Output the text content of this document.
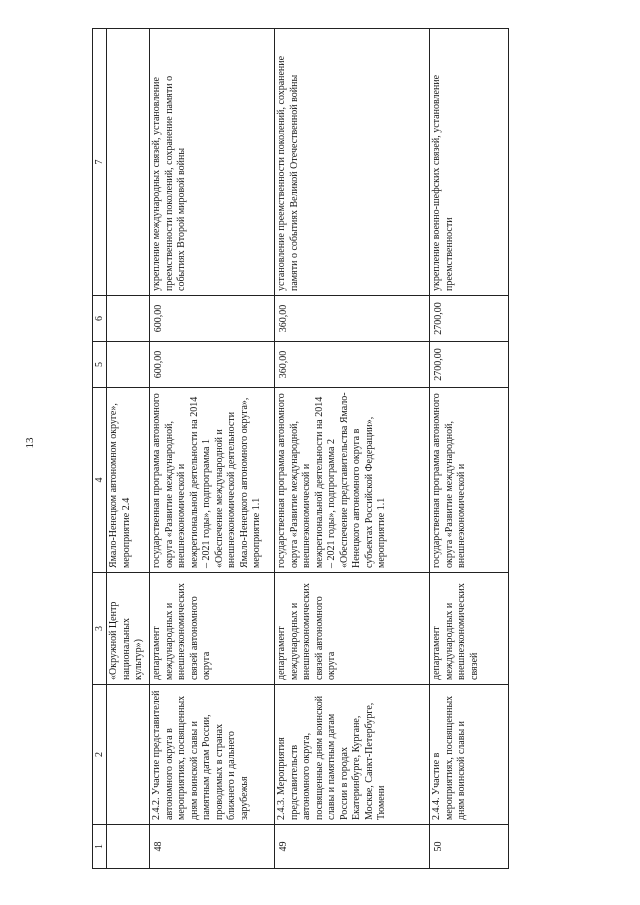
13
1	2	3	4	5	6	7
		«Окружной Центр национальных культур»)	Ямало-Ненецком автономном округе», мероприятие 2.4			
48	2.4.2. Участие представителей автономного округа в мероприятиях, посвященных дням воинской славы и памятным датам России, проводимых в странах ближнего и дальнего зарубежья	департамент международных и внешнеэкономических связей автономного округа	государственная программа автономного округа «Развитие международной, внешнеэкономической и межрегиональной деятельности на 2014 – 2021 годы», подпрограмма 1 «Обеспечение международной и внешнеэкономической деятельности Ямало-Ненецкого автономного округа», мероприятие 1.1	600,00	600,00	укрепление международных связей, установление преемственности поколений, сохранение памяти о событиях Второй мировой войны
49	2.4.3. Мероприятия представительств автономного округа, посвященные дням воинской славы и памятным датам России в городах Екатеринбурге, Кургане, Москве, Санкт-Петербурге, Тюмени	департамент международных и внешнеэкономических связей автономного округа	государственная программа автономного округа «Развитие международной, внешнеэкономической и межрегиональной деятельности на 2014 – 2021 годы», подпрограмма 2 «Обеспечение представительства Ямало-Ненецкого автономного округа в субъектах Российской Федерации», мероприятие 1.1	360,00	360,00	установление преемственности поколений, сохранение памяти о событиях Великой Отечественной войны
50	2.4.4. Участие в мероприятиях, посвященных дням воинской славы и	департамент международных и внешнеэкономических связей	государственная программа автономного округа «Развитие международной, внешнеэкономической и	2700,00	2700,00	укрепление военно-шефских связей, установление преемственности
